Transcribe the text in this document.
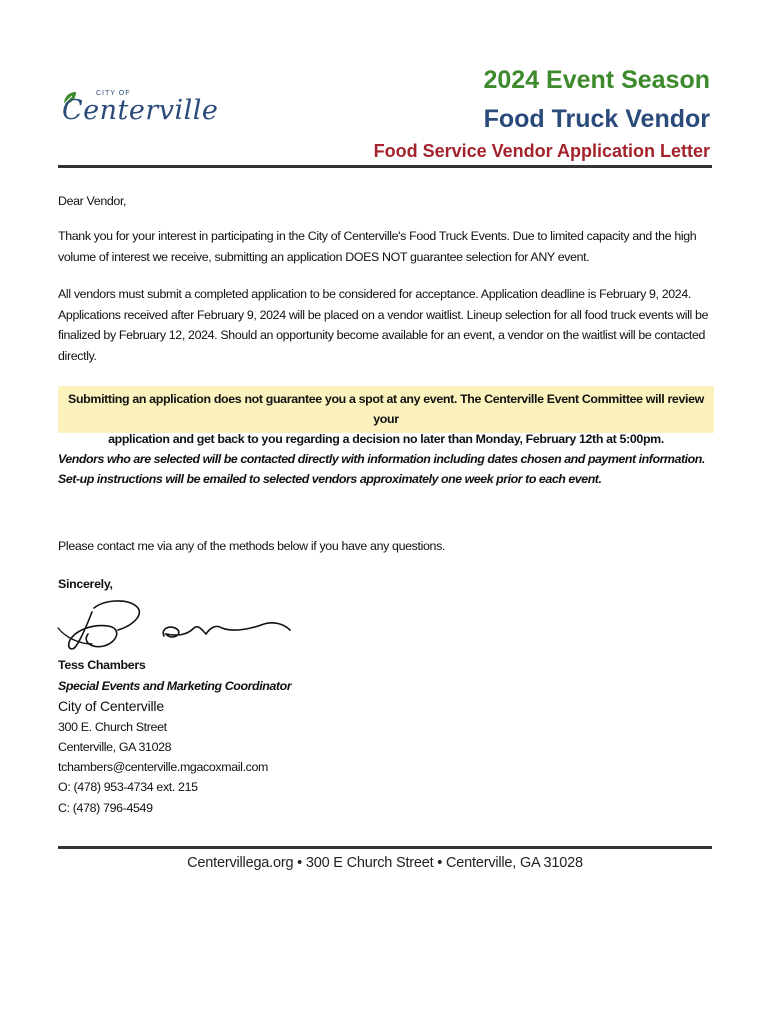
CITY OF
Centerville
2024 Event Season
Food Truck Vendor
Food Service Vendor Application Letter
Dear Vendor,
Thank you for your interest in participating in the City of Centerville's Food Truck Events. Due to limited capacity and the high volume of interest we receive, submitting an application DOES NOT guarantee selection for ANY event.
All vendors must submit a completed application to be considered for acceptance. Application deadline is February 9, 2024. Applications received after February 9, 2024 will be placed on a vendor waitlist. Lineup selection for all food truck events will be finalized by February 12, 2024. Should an opportunity become available for an event, a vendor on the waitlist will be contacted directly.
Submitting an application does not guarantee you a spot at any event. The Centerville Event Committee will review your
application and get back to you regarding a decision no later than Monday, February 12th at 5:00pm.
Vendors who are selected will be contacted directly with information including dates chosen and payment information.
Set-up instructions will be emailed to selected vendors approximately one week prior to each event.
Please contact me via any of the methods below if you have any questions.
Sincerely,
Tess Chambers
Special Events and Marketing Coordinator
City of Centerville
300 E. Church Street
Centerville, GA 31028
tchambers@centerville.mgacoxmail.com
O: (478) 953-4734 ext. 215
C: (478) 796-4549
Centervillega.org • 300 E Church Street • Centerville, GA 31028
